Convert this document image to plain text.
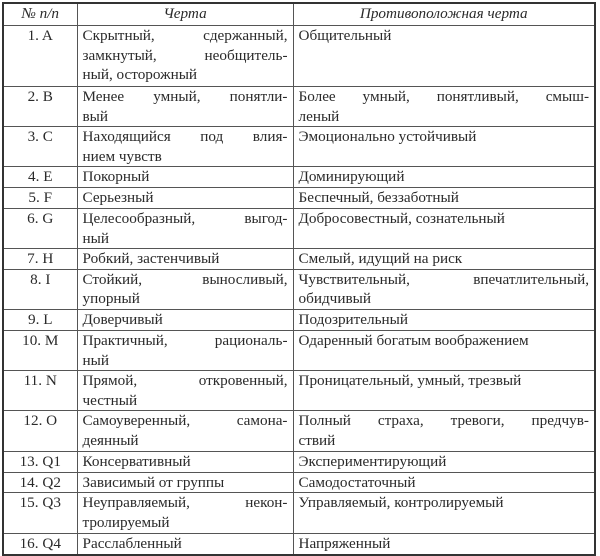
№ п/п	Черта	Противоположная черта
1. A	Скрытный, сдержанный,
замкнутый, необщитель-
ный, осторожный	Общительный

2. B	Менее умный, понятли-
вый	Более умный, понятливый, смыш-
леный

3. C	Находящийся под влия-
нием чувств	Эмоционально устойчивый

4. E	Покорный	Доминирующий

5. F	Серьезный	Беспечный, беззаботный

6. G	Целесообразный, выгод-
ный	Добросовестный, сознательный

7. H	Робкий, застенчивый	Смелый, идущий на риск

8. I	Стойкий, выносливый,
упорный	Чувствительный, впечатлительный,
обидчивый

9. L	Доверчивый	Подозрительный

10. M	Практичный, рациональ-
ный	Одаренный богатым воображением

11. N	Прямой, откровенный,
честный	Проницательный, умный, трезвый

12. O	Самоуверенный, самона-
деянный	Полный страха, тревоги, предчув-
ствий

13. Q1	Консервативный	Экспериментирующий

14. Q2	Зависимый от группы	Самодостаточный

15. Q3	Неуправляемый, некон-
тролируемый	Управляемый, контролируемый

16. Q4	Расслабленный	Напряженный
